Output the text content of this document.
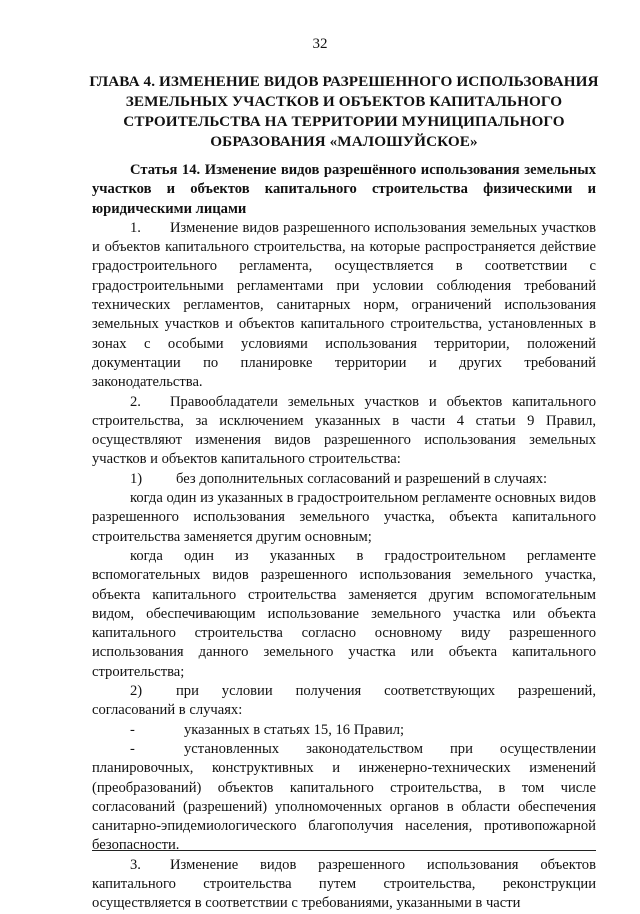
32
ГЛАВА 4. ИЗМЕНЕНИЕ ВИДОВ РАЗРЕШЕННОГО ИСПОЛЬЗОВАНИЯ ЗЕМЕЛЬНЫХ УЧАСТКОВ И ОБЪЕКТОВ КАПИТАЛЬНОГО СТРОИТЕЛЬСТВА НА ТЕРРИТОРИИ МУНИЦИПАЛЬНОГО ОБРАЗОВАНИЯ «МАЛОШУЙСКОЕ»

Статья 14. Изменение видов разрешённого использования земельных участков и объектов капитального строительства физическими и юридическими лицами

1. Изменение видов разрешенного использования земельных участков и объектов капитального строительства, на которые распространяется действие градостроительного регламента, осуществляется в соответствии с градостроительными регламентами при условии соблюдения требований технических регламентов, санитарных норм, ограничений использования земельных участков и объектов капитального строительства, установленных в зонах с особыми условиями использования территории, положений документации по планировке территории и других требований законодательства.

2. Правообладатели земельных участков и объектов капитального строительства, за исключением указанных в части 4 статьи 9 Правил, осуществляют изменения видов разрешенного использования земельных участков и объектов капитального строительства:

1) без дополнительных согласований и разрешений в случаях:

когда один из указанных в градостроительном регламенте основных видов разрешенного использования земельного участка, объекта капитального строительства заменяется другим основным;

когда один из указанных в градостроительном регламенте вспомогательных видов разрешенного использования земельного участка, объекта капитального строительства заменяется другим вспомогательным видом, обеспечивающим использование земельного участка или объекта капитального строительства согласно основному виду разрешенного использования данного земельного участка или объекта капитального строительства;

2) при условии получения соответствующих разрешений, согласований в случаях:

-	указанных в статьях 15, 16 Правил;

-	установленных законодательством при осуществлении планировочных, конструктивных и инженерно-технических изменений (преобразований) объектов капитального строительства, в том числе согласований (разрешений) уполномоченных органов в области обеспечения санитарно-эпидемиологического благополучия населения, противопожарной безопасности.

3. Изменение видов разрешенного использования объектов капитального строительства путем строительства, реконструкции осуществляется в соответствии с требованиями, указанными в части
